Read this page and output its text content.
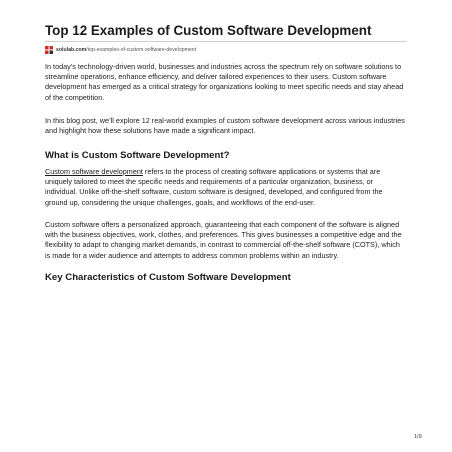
Top 12 Examples of Custom Software Development
solulab.com/top-examples-of-custom-software-development

In today’s technology-driven world, businesses and industries across the spectrum rely on software solutions to streamline operations, enhance efficiency, and deliver tailored experiences to their users. Custom software development has emerged as a critical strategy for organizations looking to meet specific needs and stay ahead of the competition.

In this blog post, we’ll explore 12 real-world examples of custom software development across various industries and highlight how these solutions have made a significant impact.

What is Custom Software Development?

Custom software development refers to the process of creating software applications or systems that are uniquely tailored to meet the specific needs and requirements of a particular organization, business, or individual. Unlike off-the-shelf software, custom software is designed, developed, and configured from the ground up, considering the unique challenges, goals, and workflows of the end-user.

Custom software offers a personalized approach, guaranteeing that each component of the software is aligned with the business objectives, work, clothes, and preferences. This gives businesses a competitive edge and the flexibility to adapt to changing market demands, in contrast to commercial off-the-shelf software (COTS), which is made for a wider audience and attempts to address common problems within an industry.

Key Characteristics of Custom Software Development
1/9
